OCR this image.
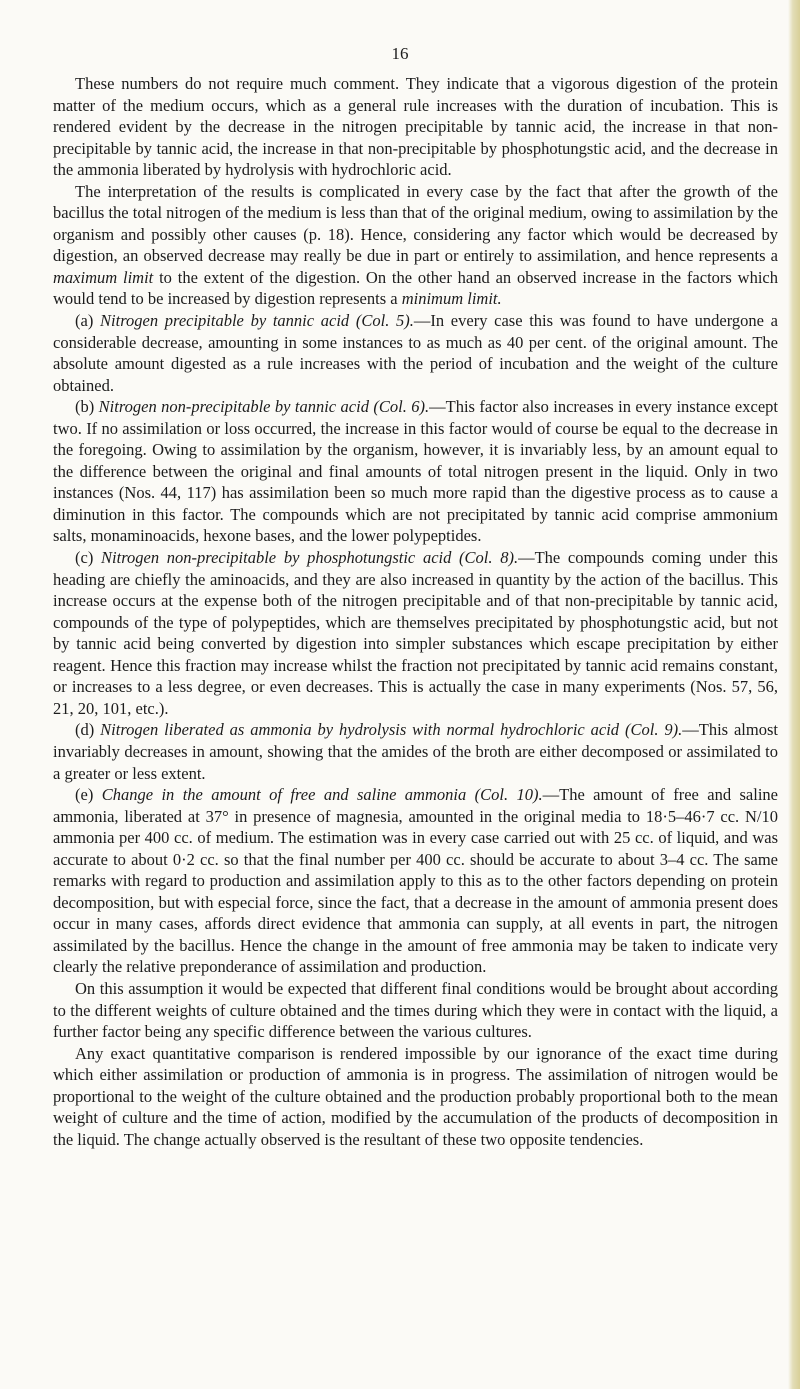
16

These numbers do not require much comment. They indicate that a vigorous digestion of the protein matter of the medium occurs, which as a general rule increases with the duration of incubation. This is rendered evident by the decrease in the nitrogen precipitable by tannic acid, the increase in that non-precipitable by tannic acid, the increase in that non-precipitable by phosphotungstic acid, and the decrease in the ammonia liberated by hydrolysis with hydrochloric acid.

The interpretation of the results is complicated in every case by the fact that after the growth of the bacillus the total nitrogen of the medium is less than that of the original medium, owing to assimilation by the organism and possibly other causes (p. 18). Hence, considering any factor which would be decreased by digestion, an observed decrease may really be due in part or entirely to assimilation, and hence represents a maximum limit to the extent of the digestion. On the other hand an observed increase in the factors which would tend to be increased by digestion represents a minimum limit.

(a) Nitrogen precipitable by tannic acid (Col. 5).—In every case this was found to have undergone a considerable decrease, amounting in some instances to as much as 40 per cent. of the original amount. The absolute amount digested as a rule increases with the period of incubation and the weight of the culture obtained.

(b) Nitrogen non-precipitable by tannic acid (Col. 6).—This factor also increases in every instance except two. If no assimilation or loss occurred, the increase in this factor would of course be equal to the decrease in the foregoing. Owing to assimilation by the organism, however, it is invariably less, by an amount equal to the difference between the original and final amounts of total nitrogen present in the liquid. Only in two instances (Nos. 44, 117) has assimilation been so much more rapid than the digestive process as to cause a diminution in this factor. The compounds which are not precipitated by tannic acid comprise ammonium salts, monaminoacids, hexone bases, and the lower polypeptides.

(c) Nitrogen non-precipitable by phosphotungstic acid (Col. 8).—The compounds coming under this heading are chiefly the aminoacids, and they are also increased in quantity by the action of the bacillus. This increase occurs at the expense both of the nitrogen precipitable and of that non-precipitable by tannic acid, compounds of the type of polypeptides, which are themselves precipitated by phosphotungstic acid, but not by tannic acid being converted by digestion into simpler substances which escape precipitation by either reagent. Hence this fraction may increase whilst the fraction not precipitated by tannic acid remains constant, or increases to a less degree, or even decreases. This is actually the case in many experiments (Nos. 57, 56, 21, 20, 101, etc.).

(d) Nitrogen liberated as ammonia by hydrolysis with normal hydrochloric acid (Col. 9).—This almost invariably decreases in amount, showing that the amides of the broth are either decomposed or assimilated to a greater or less extent.

(e) Change in the amount of free and saline ammonia (Col. 10).—The amount of free and saline ammonia, liberated at 37° in presence of magnesia, amounted in the original media to 18·5–46·7 cc. N/10 ammonia per 400 cc. of medium. The estimation was in every case carried out with 25 cc. of liquid, and was accurate to about 0·2 cc. so that the final number per 400 cc. should be accurate to about 3–4 cc. The same remarks with regard to production and assimilation apply to this as to the other factors depending on protein decomposition, but with especial force, since the fact, that a decrease in the amount of ammonia present does occur in many cases, affords direct evidence that ammonia can supply, at all events in part, the nitrogen assimilated by the bacillus. Hence the change in the amount of free ammonia may be taken to indicate very clearly the relative preponderance of assimilation and production.

On this assumption it would be expected that different final conditions would be brought about according to the different weights of culture obtained and the times during which they were in contact with the liquid, a further factor being any specific difference between the various cultures.

Any exact quantitative comparison is rendered impossible by our ignorance of the exact time during which either assimilation or production of ammonia is in progress. The assimilation of nitrogen would be proportional to the weight of the culture obtained and the production probably proportional both to the mean weight of culture and the time of action, modified by the accumulation of the products of decomposition in the liquid. The change actually observed is the resultant of these two opposite tendencies.
